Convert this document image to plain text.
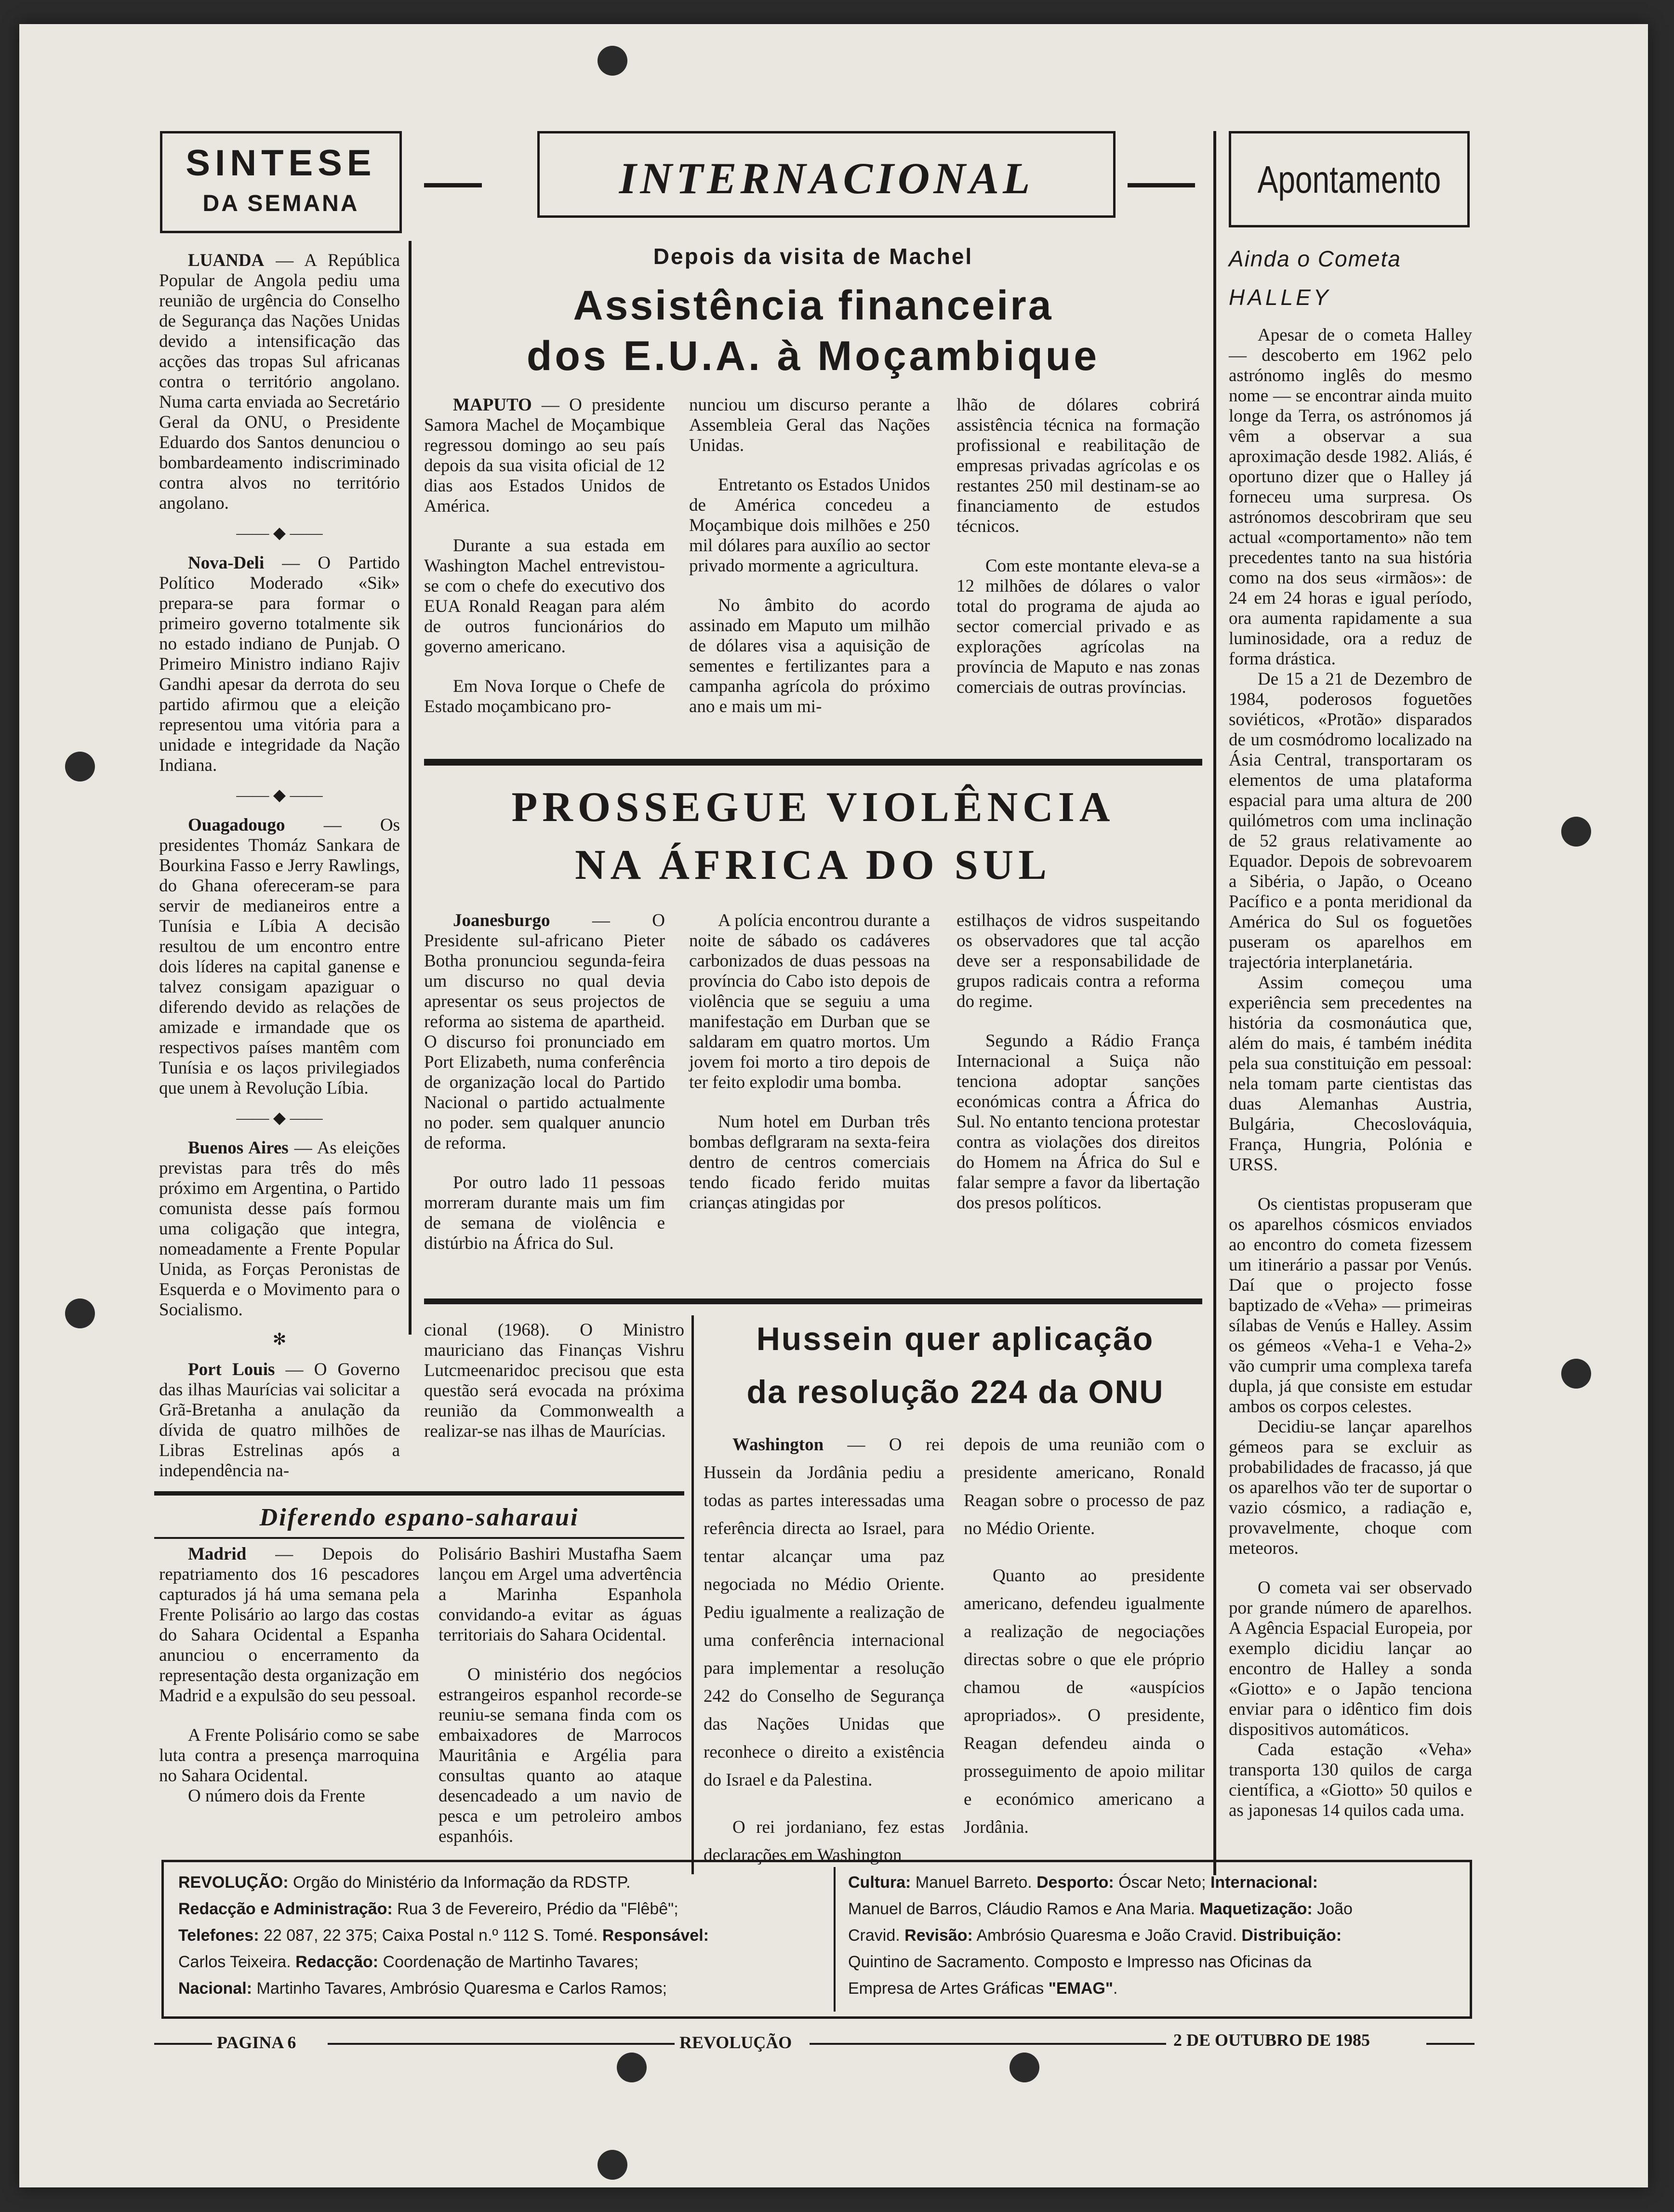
SINTESE
DA SEMANA
INTERNACIONAL	Apontamento

LUANDA — A República Popular de Angola pediu uma reunião de urgência do Conselho de Segurança das Nações Unidas devido a intensificação das acções das tropas Sul africanas contra o território angolano. Numa carta enviada ao Secretário Geral da ONU, o Presidente Eduardo dos Santos denunciou o bombardeamento indiscriminado contra alvos no território angolano.

—— ◆ ——

Nova-Deli — O Partido Político Moderado «Sik» prepara-se para formar o primeiro governo totalmente sik no estado indiano de Punjab. O Primeiro Ministro indiano Rajiv Gandhi apesar da derrota do seu partido afirmou que a eleição representou uma vitória para a unidade e integridade da Nação Indiana.

—— ◆ ——

Ouagadougo — Os presidentes Thomáz Sankara de Bourkina Fasso e Jerry Rawlings, do Ghana ofereceram-se para servir de medianeiros entre a Tunísia e Líbia A decisão resultou de um encontro entre dois líderes na capital ganense e talvez consigam apaziguar o diferendo devido as relações de amizade e irmandade que os respectivos países mantêm com Tunísia e os laços privilegiados que unem à Revolução Líbia.

—— ◆ ——

Buenos Aires — As eleições previstas para três do mês próximo em Argentina, o Partido comunista desse país formou uma coligação que integra, nomeadamente a Frente Popular Unida, as Forças Peronistas de Esquerda e o Movimento para o Socialismo.

✻

Port Louis — O Governo das ilhas Maurícias vai solicitar a Grã-Bretanha a anulação da dívida de quatro milhões de Libras Estrelinas após a independência na-

Depois da visita de Machel
Assistência financeira
dos E.U.A. à Moçambique

MAPUTO — O presidente Samora Machel de Moçambique regressou domingo ao seu país depois da sua visita oficial de 12 dias aos Estados Unidos de América.

Durante a sua estada em Washington Machel entrevistou-se com o chefe do executivo dos EUA Ronald Reagan para além de outros funcionários do governo americano.

Em Nova Iorque o Chefe de Estado moçambicano pro-

nunciou um discurso perante a Assembleia Geral das Nações Unidas.

Entretanto os Estados Unidos de América concedeu a Moçambique dois milhões e 250 mil dólares para auxílio ao sector privado mormente a agricultura.

No âmbito do acordo assinado em Maputo um milhão de dólares visa a aquisição de sementes e fertilizantes para a campanha agrícola do próximo ano e mais um mi-

lhão de dólares cobrirá assistência técnica na formação profissional e reabilitação de empresas privadas agrícolas e os restantes 250 mil destinam-se ao financiamento de estudos técnicos.

Com este montante eleva-se a 12 milhões de dólares o valor total do programa de ajuda ao sector comercial privado e as explorações agrícolas na província de Maputo e nas zonas comerciais de outras províncias.

PROSSEGUE VIOLÊNCIA
NA ÁFRICA DO SUL

Joanesburgo — O Presidente sul-africano Pieter Botha pronunciou segunda-feira um discurso no qual devia apresentar os seus projectos de reforma ao sistema de apartheid. O discurso foi pronunciado em Port Elizabeth, numa conferência de organização local do Partido Nacional o partido actualmente no poder. sem qualquer anuncio de reforma.

Por outro lado 11 pessoas morreram durante mais um fim de semana de violência e distúrbio na África do Sul.

A polícia encontrou durante a noite de sábado os cadáveres carbonizados de duas pessoas na província do Cabo isto depois de violência que se seguiu a uma manifestação em Durban que se saldaram em quatro mortos. Um jovem foi morto a tiro depois de ter feito explodir uma bomba.

Num hotel em Durban três bombas deflgraram na sexta-feira dentro de centros comerciais tendo ficado ferido muitas crianças atingidas por

estilhaços de vidros suspeitando os observadores que tal acção deve ser a responsabilidade de grupos radicais contra a reforma do regime.

Segundo a Rádio França Internacional a Suiça não tenciona adoptar sanções económicas contra a África do Sul. No entanto tenciona protestar contra as violações dos direitos do Homem na África do Sul e falar sempre a favor da libertação dos presos políticos.

cional (1968). O Ministro mauriciano das Finanças Vishru Lutcmeenaridoc precisou que esta questão será evocada na próxima reunião da Commonwealth a realizar-se nas ilhas de Maurícias.
Hussein quer aplicação
da resolução 224 da ONU

Washington — O rei Hussein da Jordânia pediu a todas as partes interessadas uma referência directa ao Israel, para tentar alcançar uma paz negociada no Médio Oriente. Pediu igualmente a realização de uma conferência internacional para implementar a resolução 242 do Conselho de Segurança das Nações Unidas que reconhece o direito a existência do Israel e da Palestina.

O rei jordaniano, fez estas declarações em Washington

depois de uma reunião com o presidente americano, Ronald Reagan sobre o processo de paz no Médio Oriente.

Quanto ao presidente americano, defendeu igualmente a realização de negociações directas sobre o que ele próprio chamou de «auspícios apropriados». O presidente, Reagan defendeu ainda o prosseguimento de apoio militar e económico americano a Jordânia.

Diferendo espano-saharaui

Madrid — Depois do repatriamento dos 16 pescadores capturados já há uma semana pela Frente Polisário ao largo das costas do Sahara Ocidental a Espanha anunciou o encerramento da representação desta organização em Madrid e a expulsão do seu pessoal.

A Frente Polisário como se sabe luta contra a presença marroquina no Sahara Ocidental.

O número dois da Frente

Polisário Bashiri Mustafha Saem lançou em Argel uma advertência a Marinha Espanhola convidando-a evitar as águas territoriais do Sahara Ocidental.

O ministério dos negócios estrangeiros espanhol recorde-se reuniu-se semana finda com os embaixadores de Marrocos Mauritânia e Argélia para consultas quanto ao ataque desencadeado a um navio de pesca e um petroleiro ambos espanhóis.

Ainda o Cometa
HALLEY

Apesar de o cometa Halley — descoberto em 1962 pelo astrónomo inglês do mesmo nome — se encontrar ainda muito longe da Terra, os astrónomos já vêm a observar a sua aproximação desde 1982. Aliás, é oportuno dizer que o Halley já forneceu uma surpresa. Os astrónomos descobriram que seu actual «comportamento» não tem precedentes tanto na sua história como na dos seus «irmãos»: de 24 em 24 horas e igual período, ora aumenta rapidamente a sua luminosidade, ora a reduz de forma drástica.

De 15 a 21 de Dezembro de 1984, poderosos foguetões soviéticos, «Protão» disparados de um cosmódromo localizado na Ásia Central, transportaram os elementos de uma plataforma espacial para uma altura de 200 quilómetros com uma inclinação de 52 graus relativamente ao Equador. Depois de sobrevoarem a Sibéria, o Japão, o Oceano Pacífico e a ponta meridional da América do Sul os foguetões puseram os aparelhos em trajectória interplanetária.

Assim começou uma experiência sem precedentes na história da cosmonáutica que, além do mais, é também inédita pela sua constituição em pessoal: nela tomam parte cientistas das duas Alemanhas Austria, Bulgária, Checoslováquia, França, Hungria, Polónia e URSS.

Os cientistas propuseram que os aparelhos cósmicos enviados ao encontro do cometa fizessem um itinerário a passar por Venús. Daí que o projecto fosse baptizado de «Veha» — primeiras sílabas de Venús e Halley. Assim os gémeos «Veha-1 e Veha-2» vão cumprir uma complexa tarefa dupla, já que consiste em estudar ambos os corpos celestes.

Decidiu-se lançar aparelhos gémeos para se excluir as probabilidades de fracasso, já que os aparelhos vão ter de suportar o vazio cósmico, a radiação e, provavelmente, choque com meteoros.

O cometa vai ser observado por grande número de aparelhos. A Agência Espacial Europeia, por exemplo dicidiu lançar ao encontro de Halley a sonda «Giotto» e o Japão tenciona enviar para o idêntico fim dois dispositivos automáticos.

Cada estação «Veha» transporta 130 quilos de carga científica, a «Giotto» 50 quilos e as japonesas 14 quilos cada uma.

REVOLUÇÃO: Orgão do Ministério da Informação da RDSTP.
Redacção e Administração: Rua 3 de Fevereiro, Prédio da "Flêbê";
Telefones: 22 087, 22 375; Caixa Postal n.º 112 S. Tomé. Responsável:
Carlos Teixeira. Redacção: Coordenação de Martinho Tavares;
Nacional: Martinho Tavares, Ambrósio Quaresma e Carlos Ramos;
Cultura: Manuel Barreto. Desporto: Óscar Neto; Internacional:
Manuel de Barros, Cláudio Ramos e Ana Maria. Maquetização: João
Cravid. Revisão: Ambrósio Quaresma e João Cravid. Distribuição:
Quintino de Sacramento. Composto e Impresso nas Oficinas da
Empresa de Artes Gráficas "EMAG".
PAGINA 6	REVOLUÇÃO	2 DE OUTUBRO DE 1985
